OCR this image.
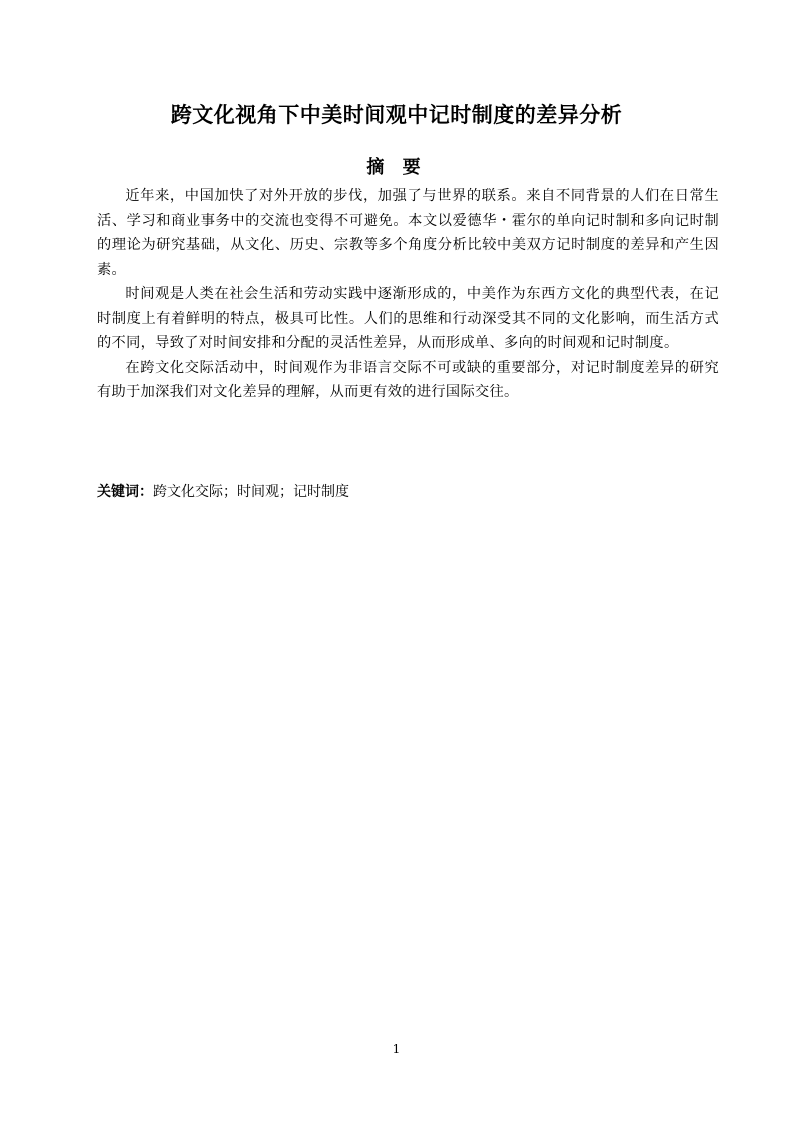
跨文化视角下中美时间观中记时制度的差异分析
摘 要

近年来，中国加快了对外开放的步伐，加强了与世界的联系。来自不同背景的人们在日常生活、学习和商业事务中的交流也变得不可避免。本文以爱德华・霍尔的单向记时制和多向记时制的理论为研究基础，从文化、历史、宗教等多个角度分析比较中美双方记时制度的差异和产生因素。

时间观是人类在社会生活和劳动实践中逐渐形成的，中美作为东西方文化的典型代表，在记时制度上有着鲜明的特点，极具可比性。人们的思维和行动深受其不同的文化影响，而生活方式的不同，导致了对时间安排和分配的灵活性差异，从而形成单、多向的时间观和记时制度。

在跨文化交际活动中，时间观作为非语言交际不可或缺的重要部分，对记时制度差异的研究有助于加深我们对文化差异的理解，从而更有效的进行国际交往。

关键词：跨文化交际；时间观；记时制度

1
